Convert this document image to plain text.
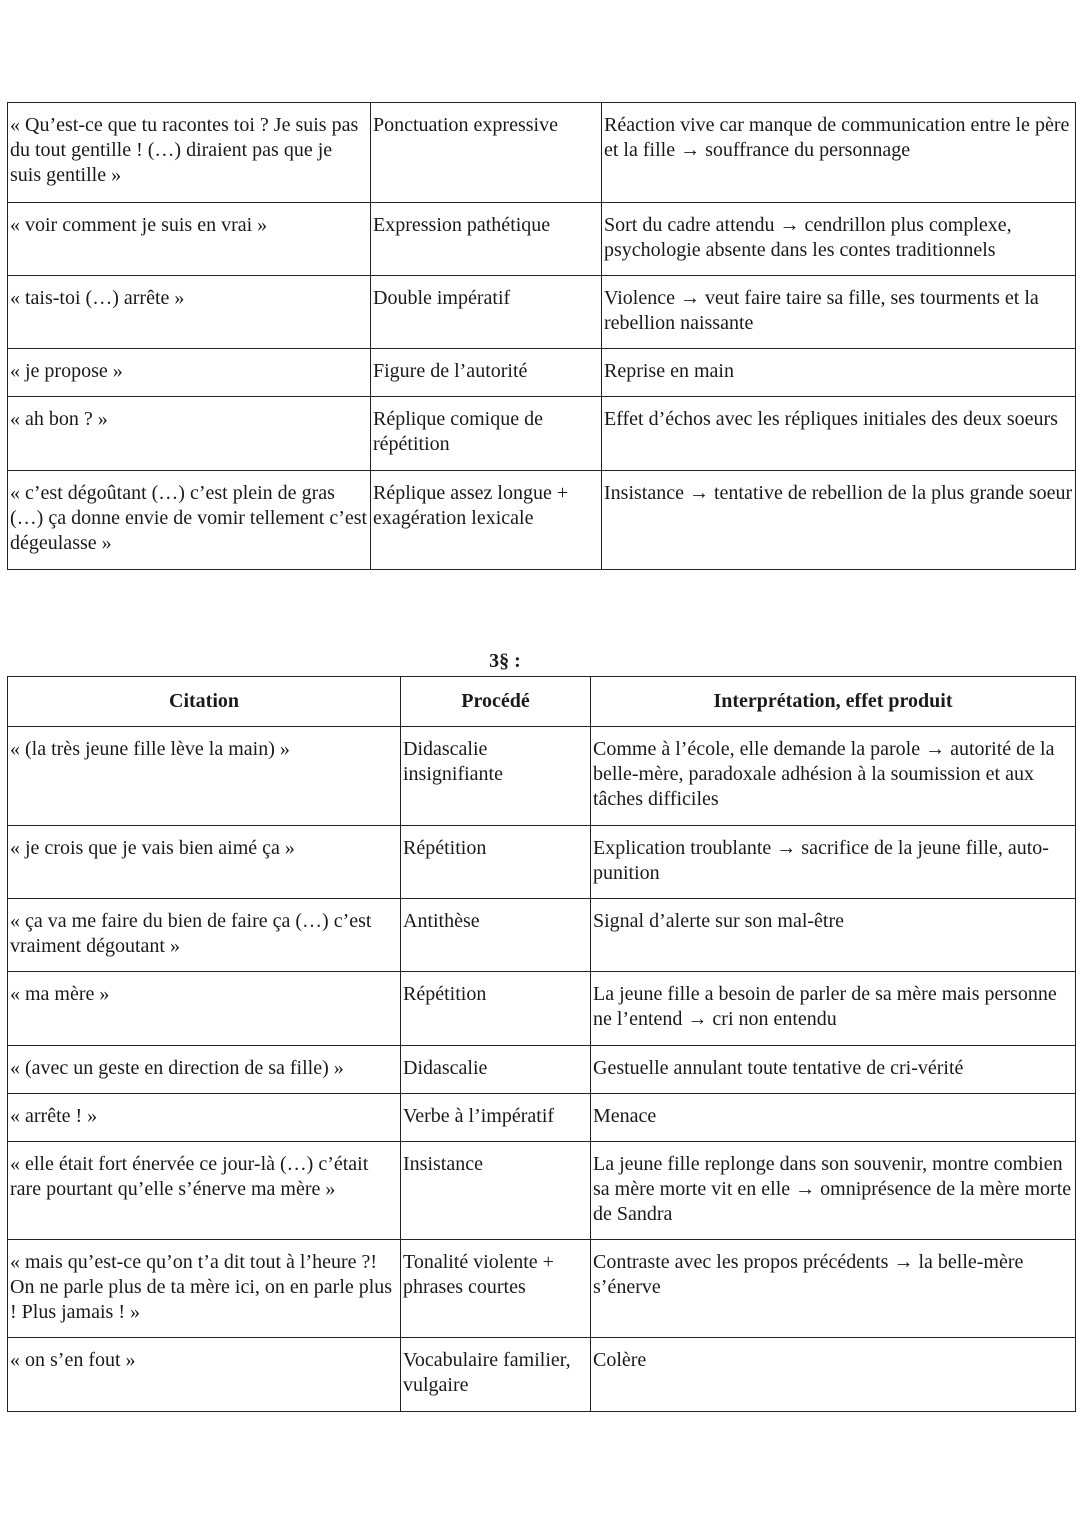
« Qu’est-ce que tu racontes toi ? Je suis pas du tout gentille ! (…) diraient pas que je suis gentille »	Ponctuation expressive	Réaction vive car manque de communication entre le père et la fille → souffrance du personnage
« voir comment je suis en vrai »	Expression pathétique	Sort du cadre attendu → cendrillon plus complexe, psychologie absente dans les contes traditionnels
« tais-toi (…) arrête »	Double impératif	Violence → veut faire taire sa fille, ses tourments et la rebellion naissante
« je propose »	Figure de l’autorité	Reprise en main
« ah bon ? »	Réplique comique de répétition	Effet d’échos avec les répliques initiales des deux soeurs
« c’est dégoûtant (…) c’est plein de gras (…) ça donne envie de vomir tellement c’est dégeulasse »	Réplique assez longue + exagération lexicale	Insistance → tentative de rebellion de la plus grande soeur
3§ :
Citation	Procédé	Interprétation, effet produit
« (la très jeune fille lève la main) »	Didascalie insignifiante	Comme à l’école, elle demande la parole → autorité de la belle-mère, paradoxale adhésion à la soumission et aux tâches difficiles
« je crois que je vais bien aimé ça »	Répétition	Explication troublante → sacrifice de la jeune fille, auto-punition
« ça va me faire du bien de faire ça (…) c’est vraiment dégoutant »	Antithèse	Signal d’alerte sur son mal-être
« ma mère »	Répétition	La jeune fille a besoin de parler de sa mère mais personne ne l’entend → cri non entendu
« (avec un geste en direction de sa fille) »	Didascalie	Gestuelle annulant toute tentative de cri-vérité
« arrête ! »	Verbe à l’impératif	Menace
« elle était fort énervée ce jour-là (…) c’était rare pourtant qu’elle s’énerve ma mère »	Insistance	La jeune fille replonge dans son souvenir, montre combien sa mère morte vit en elle → omniprésence de la mère morte de Sandra
« mais qu’est-ce qu’on t’a dit tout à l’heure ?! On ne parle plus de ta mère ici, on en parle plus ! Plus jamais ! »	Tonalité violente + phrases courtes	Contraste avec les propos précédents → la belle-mère s’énerve
« on s’en fout »	Vocabulaire familier, vulgaire	Colère
